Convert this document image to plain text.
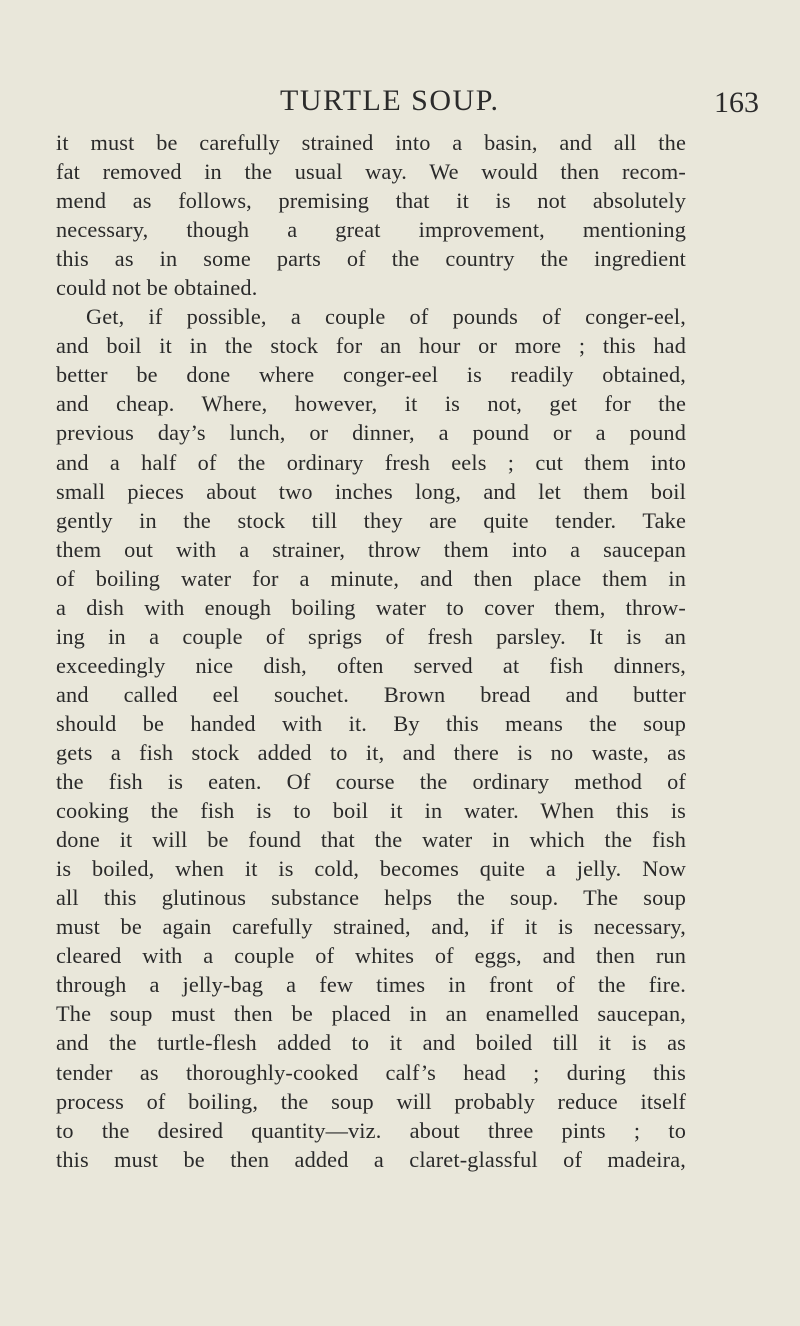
TURTLE SOUP.	163
it must be carefully strained into a basin, and all the
fat removed in the usual way. We would then recom-
mend as follows, premising that it is not absolutely
necessary, though a great improvement, mentioning
this as in some parts of the country the ingredient
could not be obtained.
Get, if possible, a couple of pounds of conger-eel,
and boil it in the stock for an hour or more ; this had
better be done where conger-eel is readily obtained,
and cheap. Where, however, it is not, get for the
previous day’s lunch, or dinner, a pound or a pound
and a half of the ordinary fresh eels ; cut them into
small pieces about two inches long, and let them boil
gently in the stock till they are quite tender. Take
them out with a strainer, throw them into a saucepan
of boiling water for a minute, and then place them in
a dish with enough boiling water to cover them, throw-
ing in a couple of sprigs of fresh parsley. It is an
exceedingly nice dish, often served at fish dinners,
and called eel souchet. Brown bread and butter
should be handed with it. By this means the soup
gets a fish stock added to it, and there is no waste, as
the fish is eaten. Of course the ordinary method of
cooking the fish is to boil it in water. When this is
done it will be found that the water in which the fish
is boiled, when it is cold, becomes quite a jelly. Now
all this glutinous substance helps the soup. The soup
must be again carefully strained, and, if it is necessary,
cleared with a couple of whites of eggs, and then run
through a jelly-bag a few times in front of the fire.
The soup must then be placed in an enamelled saucepan,
and the turtle-flesh added to it and boiled till it is as
tender as thoroughly-cooked calf’s head ; during this
process of boiling, the soup will probably reduce itself
to the desired quantity—viz. about three pints ; to
this must be then added a claret-glassful of madeira,
